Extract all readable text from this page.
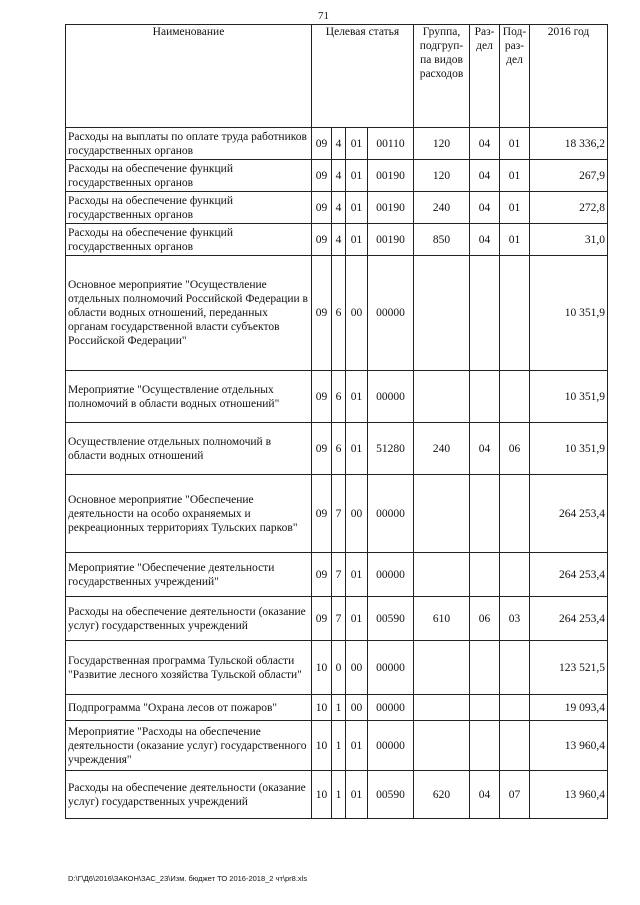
71
Наименование	Целевая статья				Группа, подгруп-па видов расходов	Раз-дел	Под-раз-дел	2016 год
Расходы на выплаты по оплате труда работников государственных органов	09	4	01	00110	120	04	01	18 336,2
Расходы на обеспечение функций государственных органов	09	4	01	00190	120	04	01	267,9
Расходы на обеспечение функций государственных органов	09	4	01	00190	240	04	01	272,8
Расходы на обеспечение функций государственных органов	09	4	01	00190	850	04	01	31,0
Основное мероприятие "Осуществление отдельных полномочий Российской Федерации в области водных отношений, переданных органам государственной власти субъектов Российской Федерации"	09	6	00	00000				10 351,9
Мероприятие "Осуществление отдельных полномочий в области водных отношений"	09	6	01	00000				10 351,9
Осуществление отдельных полномочий в области водных отношений	09	6	01	51280	240	04	06	10 351,9
Основное мероприятие "Обеспечение деятельности на особо охраняемых и рекреационных территориях Тульских парков"	09	7	00	00000				264 253,4
Мероприятие "Обеспечение деятельности государственных учреждений"	09	7	01	00000				264 253,4
Расходы на обеспечение деятельности (оказание услуг) государственных учреждений	09	7	01	00590	610	06	03	264 253,4
Государственная программа Тульской области "Развитие лесного хозяйства Тульской области"	10	0	00	00000				123 521,5
Подпрограмма "Охрана лесов от пожаров"	10	1	00	00000				19 093,4
Мероприятие "Расходы на обеспечение деятельности (оказание услуг) государственного учреждения"	10	1	01	00000				13 960,4
Расходы на обеспечение деятельности (оказание услуг) государственных учреждений	10	1	01	00590	620	04	07	13 960,4
D:\Г\Д6\2016\ЗАКОН\ЗАС_23\Изм. бюджет ТО 2016-2018_2 чт\pr8.xls
